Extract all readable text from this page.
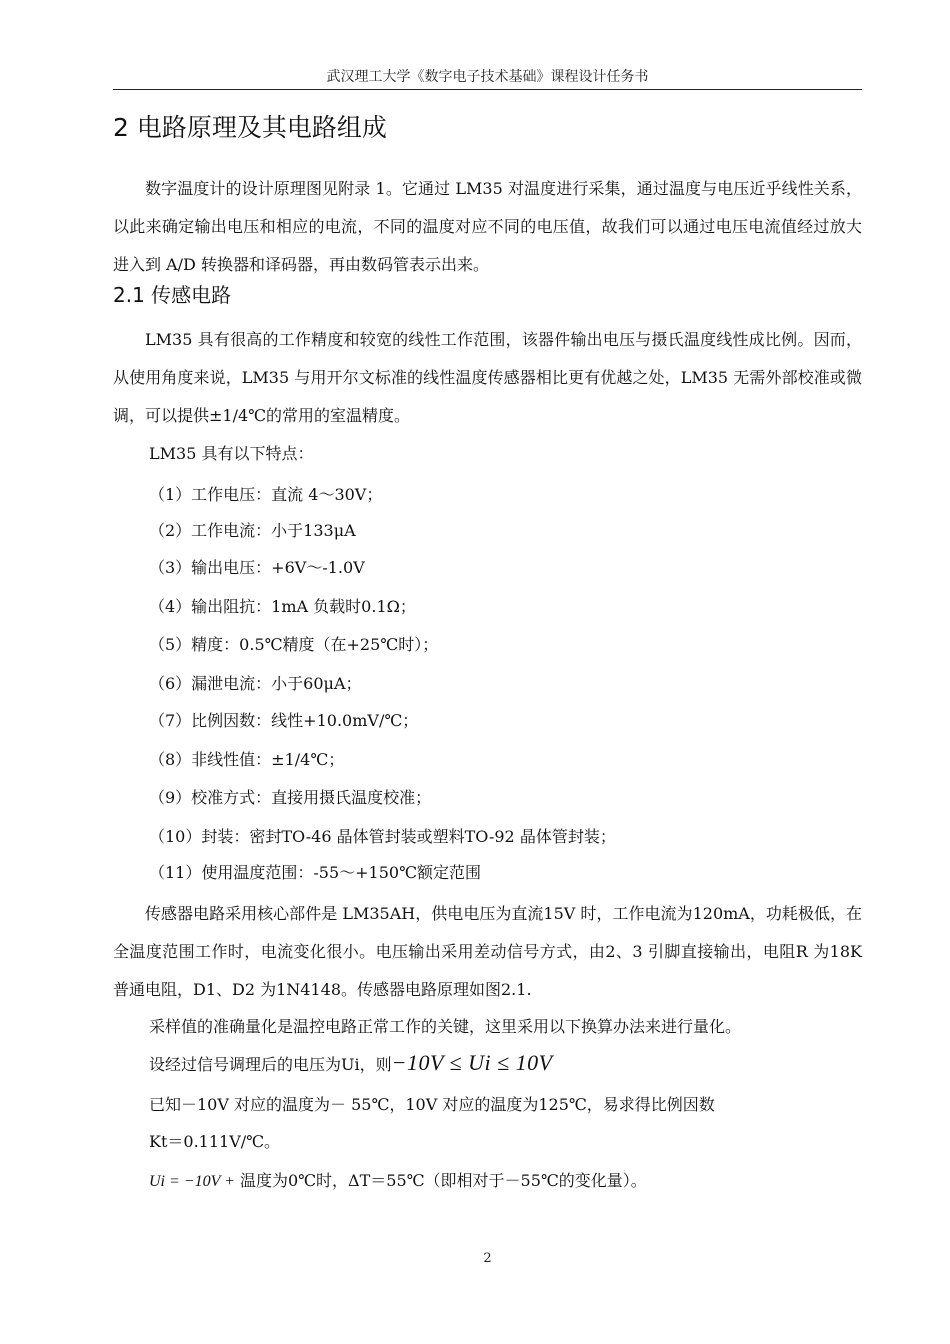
武汉理工大学《数字电子技术基础》课程设计任务书
2 电路原理及其电路组成

数字温度计的设计原理图见附录 1。它通过 LM35 对温度进行采集，通过温度与电压近乎线性关系，以此来确定输出电压和相应的电流，不同的温度对应不同的电压值，故我们可以通过电压电流值经过放大进入到 A/D 转换器和译码器，再由数码管表示出来。

2.1 传感电路

LM35 具有很高的工作精度和较宽的线性工作范围，该器件输出电压与摄氏温度线性成比例。因而，从使用角度来说，LM35 与用开尔文标准的线性温度传感器相比更有优越之处，LM35 无需外部校准或微调，可以提供±1/4℃的常用的室温精度。

LM35 具有以下特点：

（1）工作电压：直流 4～30V；

（2）工作电流：小于133μA

（3）输出电压：+6V～-1.0V

（4）输出阻抗：1mA 负载时0.1Ω；

（5）精度：0.5℃精度（在+25℃时）；

（6）漏泄电流：小于60μA；

（7）比例因数：线性+10.0mV/℃；

（8）非线性值：±1/4℃；

（9）校准方式：直接用摄氏温度校准；

（10）封装：密封TO-46 晶体管封装或塑料TO-92 晶体管封装；

（11）使用温度范围：-55～+150℃额定范围

传感器电路采用核心部件是 LM35AH，供电电压为直流15V 时，工作电流为120mA，功耗极低，在全温度范围工作时，电流变化很小。电压输出采用差动信号方式，由2、3 引脚直接输出，电阻R 为18K 普通电阻，D1、D2 为1N4148。传感器电路原理如图2.1.

采样值的准确量化是温控电路正常工作的关键，这里采用以下换算办法来进行量化。

设经过信号调理后的电压为Ui，则−10V ≤ Ui ≤ 10V

已知－10V 对应的温度为－ 55℃，10V 对应的温度为125℃，易求得比例因数

Kt＝0.111V/℃。

Ui = −10V + 温度为0℃时，ΔT＝55℃（即相对于－55℃的变化量）。

2
